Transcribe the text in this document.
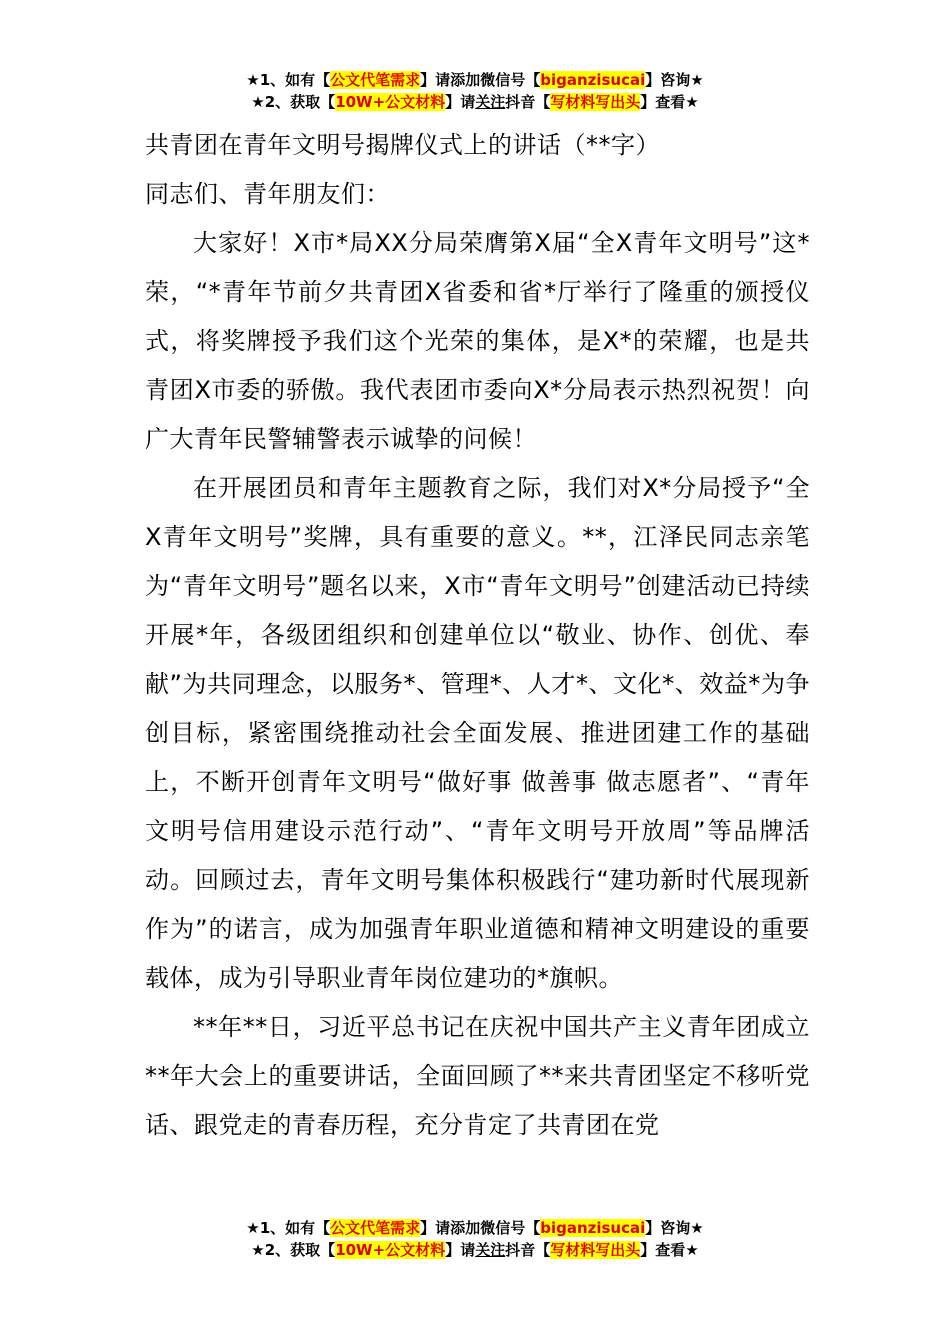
★1、如有【公文代笔需求】请添加微信号【biganzisucai】咨询★
★2、获取【10W+公文材料】请关注抖音【写材料写出头】查看★

共青团在青年文明号揭牌仪式上的讲话（**字）

同志们、青年朋友们：

大家好！X市*局XX分局荣膺第X届“全X青年文明号”这*荣，“*青年节前夕共青团X省委和省*厅举行了隆重的颁授仪式，将奖牌授予我们这个光荣的集体，是X*的荣耀，也是共青团X市委的骄傲。我代表团市委向X*分局表示热烈祝贺！向广大青年民警辅警表示诚挚的问候！

在开展团员和青年主题教育之际，我们对X*分局授予“全X青年文明号”奖牌，具有重要的意义。**，江泽民同志亲笔为“青年文明号”题名以来，X市“青年文明号”创建活动已持续开展*年，各级团组织和创建单位以“敬业、协作、创优、奉献”为共同理念，以服务*、管理*、人才*、文化*、效益*为争创目标，紧密围绕推动社会全面发展、推进团建工作的基础上，不断开创青年文明号“做好事 做善事 做志愿者”、“青年文明号信用建设示范行动”、“青年文明号开放周”等品牌活动。回顾过去，青年文明号集体积极践行“建功新时代展现新作为”的诺言，成为加强青年职业道德和精神文明建设的重要载体，成为引导职业青年岗位建功的*旗帜。

**年**日，习近平总书记在庆祝中国共产主义青年团成立**年大会上的重要讲话，全面回顾了**来共青团坚定不移听党话、跟党走的青春历程，充分肯定了共青团在党

★1、如有【公文代笔需求】请添加微信号【biganzisucai】咨询★
★2、获取【10W+公文材料】请关注抖音【写材料写出头】查看★
